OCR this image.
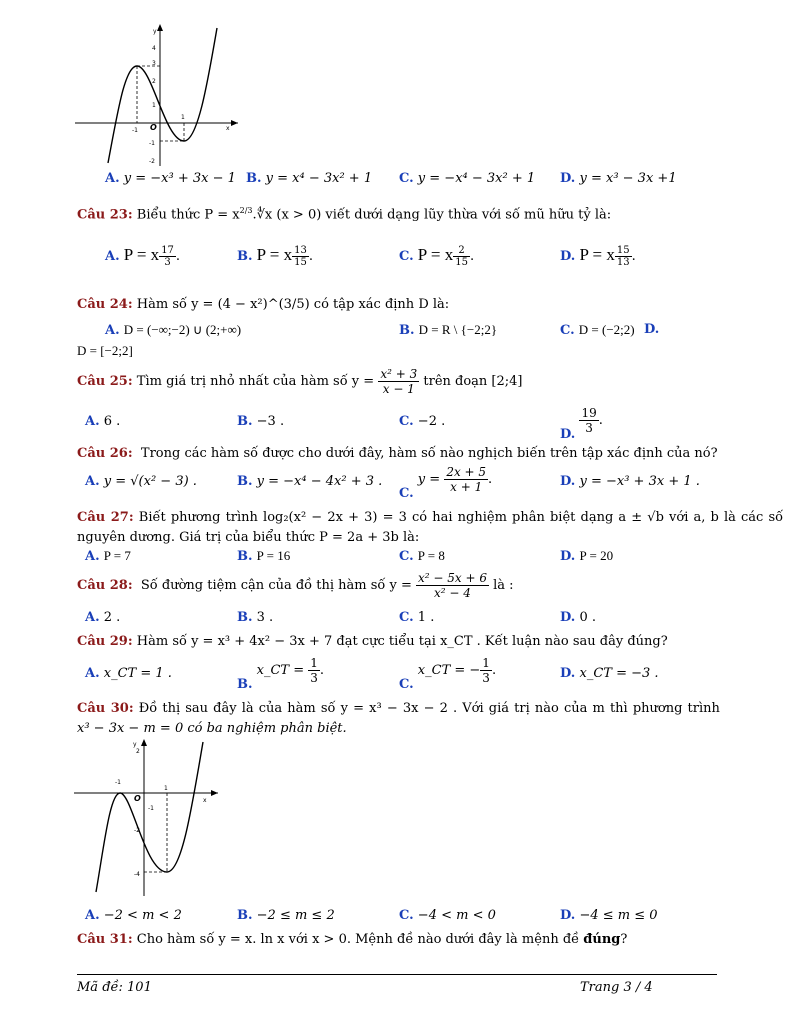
y
x
O
4
3
2
1
-1
-2
-1
1
A. y = −x³ + 3x − 1 B. y = x⁴ − 3x² + 1 C. y = −x⁴ − 3x² + 1 D. y = x³ − 3x +1
Câu 23: Biểu thức $P = x^{2/3}.∜x$ (x > 0) viết dưới dạng lũy thừa với số mũ hữu tỷ là:
A. P = x $\frac{17}{3}$ .	B. P = x $\frac{13}{15}$ .	C. P = x $\frac{2}{15}$ .	D. P = x $\frac{15}{13}$ .
Câu 24: Hàm số y = (4 − x²)^(3/5) có tập xác định D là:
A. D = (−∞;−2) ∪ (2;+∞)	B. D = R \ {−2;2}	C. D = (−2;2) D.
D = [−2;2]
Câu 25: Tìm giá trị nhỏ nhất của hàm số $y = \frac{\text{x² + 3}}{x - 1}$ trên đoạn [2;4]
A. 6 .	B. −3 .	C. −2 .
D. $\frac{19}{3}$ .
Câu 26: Trong các hàm số được cho dưới đây, hàm số nào nghịch biến trên tập xác định của nó?
A. y = √(x² − 3) .	B. y = −x⁴ − 4x² + 3 .
C. $y = \frac{2x + 5}{x + 1}$ .	D. y = −x³ + 3x + 1 .
Câu 27: Biết phương trình log₂(x² − 2x + 3) = 3 có hai nghiệm phân biệt dạng a ± √b với a, b là các số
nguyên dương. Giá trị của biểu thức P = 2a + 3b là:
A. P = 7	B. P = 16	C. P = 8	D. P = 20
Câu 28: Số đường tiệm cận của đồ thị hàm số $y = \frac{\text{x² − 5x + 6}}{\text{x² − 4}}$ là :
A. 2 .	B. 3 .	C. 1 .	D. 0 .
Câu 29: Hàm số y = x³ + 4x² − 3x + 7 đạt cực tiểu tại x_CT . Kết luận nào sau đây đúng?
A. x_CT = 1 .
B. x_CT = $\frac{1}{3}$ .
C. x_CT = − $\frac{1}{3}$ .	D. x_CT = −3 .
Câu 30: Đồ thị sau đây là của hàm số y = x³ − 3x − 2 . Với giá trị nào của m thì phương trình
x³ − 3x − m = 0 có ba nghiệm phân biệt.
y
x
O
2
-1
1
-1
-2
-4
A. −2 < m < 2	B. −2 ≤ m ≤ 2	C. −4 < m < 0	D. −4 ≤ m ≤ 0
Câu 31: Cho hàm số y = x. ln x với x > 0. Mệnh đề nào dưới đây là mệnh đề đúng?
Mã đề: 101	Trang 3 / 4
